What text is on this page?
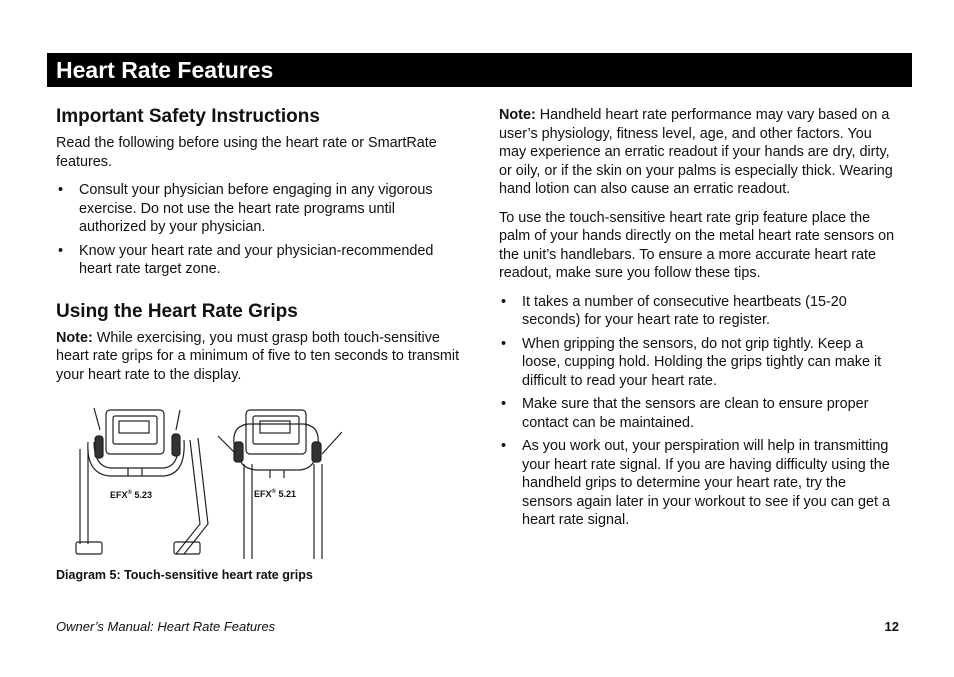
Heart Rate Features
Important Safety Instructions

Read the following before using the heart rate or SmartRate features.

• Consult your physician before engaging in any vigorous exercise. Do not use the heart rate programs until authorized by your physician.
• Know your heart rate and your physician-recommended heart rate target zone.
Using the Heart Rate Grips

Note: While exercising, you must grasp both touch-sensitive heart rate grips for a minimum of five to ten seconds to transmit your heart rate to the display.

EFX® 5.23	EFX® 5.21
Diagram 5: Touch-sensitive heart rate grips

Note: Handheld heart rate performance may vary based on a user’s physiology, fitness level, age, and other factors. You may experience an erratic readout if your hands are dry, dirty, or oily, or if the skin on your palms is especially thick. Wearing hand lotion can also cause an erratic readout.

To use the touch-sensitive heart rate grip feature place the palm of your hands directly on the metal heart rate sensors on the unit’s handlebars. To ensure a more accurate heart rate readout, make sure you follow these tips.

• It takes a number of consecutive heartbeats (15-20 seconds) for your heart rate to register.
• When gripping the sensors, do not grip tightly. Keep a loose, cupping hold. Holding the grips tightly can make it difficult to read your heart rate.
• Make sure that the sensors are clean to ensure proper contact can be maintained.
• As you work out, your perspiration will help in transmitting your heart rate signal. If you are having difficulty using the handheld grips to determine your heart rate, try the sensors again later in your workout to see if you can get a heart rate signal.
Owner’s Manual: Heart Rate Features	12
